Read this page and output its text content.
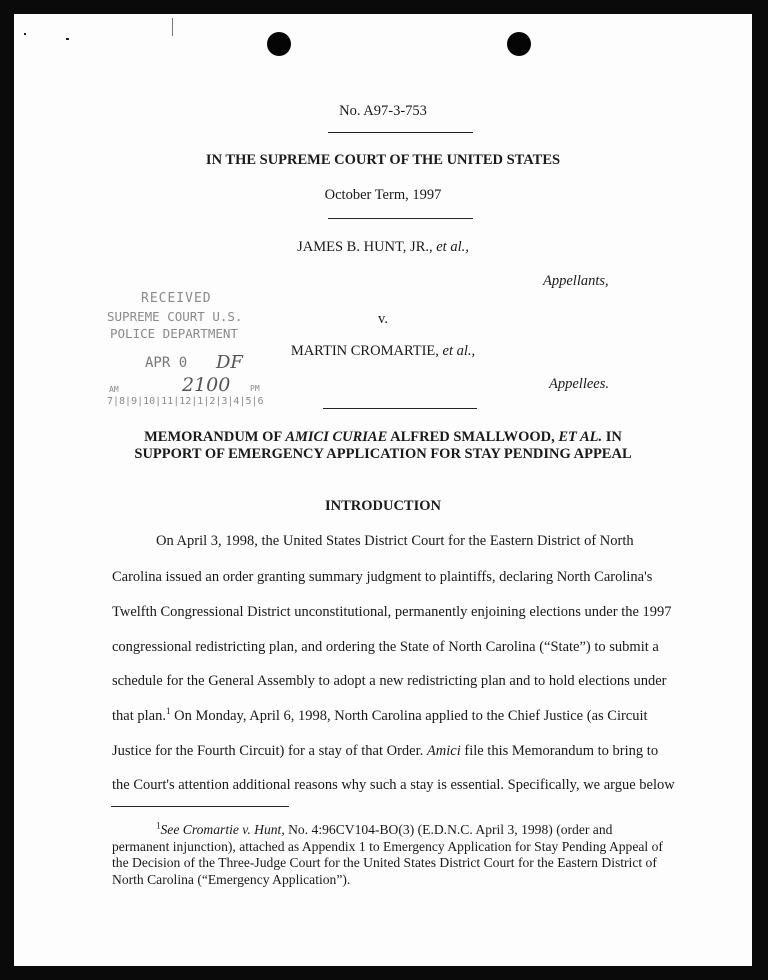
No. A97-3-753
IN THE SUPREME COURT OF THE UNITED STATES
October Term, 1997
JAMES B. HUNT, JR., et al.,
Appellants,
v.
MARTIN CROMARTIE, et al.,
Appellees.
RECEIVED
SUPREME COURT U.S.
POLICE DEPARTMENT
APR 0 DF
AM	2100 PM
7|8|9|10|11|12|1|2|3|4|5|6
MEMORANDUM OF AMICI CURIAE ALFRED SMALLWOOD, ET AL. IN
SUPPORT OF EMERGENCY APPLICATION FOR STAY PENDING APPEAL
INTRODUCTION
On April 3, 1998, the United States District Court for the Eastern District of North
Carolina issued an order granting summary judgment to plaintiffs, declaring North Carolina's
Twelfth Congressional District unconstitutional, permanently enjoining elections under the 1997
congressional redistricting plan, and ordering the State of North Carolina (“State”) to submit a
schedule for the General Assembly to adopt a new redistricting plan and to hold elections under
that plan.$^1$ On Monday, April 6, 1998, North Carolina applied to the Chief Justice (as Circuit
Justice for the Fourth Circuit) for a stay of that Order. Amici file this Memorandum to bring to
the Court's attention additional reasons why such a stay is essential. Specifically, we argue below
$^1$See Cromartie v. Hunt, No. 4:96CV104-BO(3) (E.D.N.C. April 3, 1998) (order and permanent injunction), attached as Appendix 1 to Emergency Application for Stay Pending Appeal of the Decision of the Three-Judge Court for the United States District Court for the Eastern District of North Carolina (“Emergency Application”).
